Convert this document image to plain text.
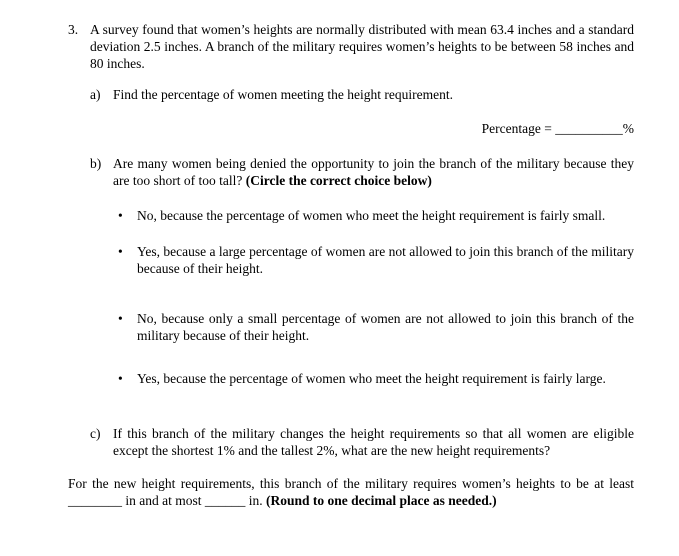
3. A survey found that women’s heights are normally distributed with mean 63.4 inches and a standard deviation 2.5 inches. A branch of the military requires women’s heights to be between 58 inches and 80 inches.

a) Find the percentage of women meeting the height requirement.

Percentage = __________%

b) Are many women being denied the opportunity to join the branch of the military because they are too short of too tall? (Circle the correct choice below)

•	No, because the percentage of women who meet the height requirement is fairly small.
•	Yes, because a large percentage of women are not allowed to join this branch of the military because of their height.
•	No, because only a small percentage of women are not allowed to join this branch of the military because of their height.
•	Yes, because the percentage of women who meet the height requirement is fairly large.
c) If this branch of the military changes the height requirements so that all women are eligible except the shortest 1% and the tallest 2%, what are the new height requirements?

For the new height requirements, this branch of the military requires women’s heights to be at least ________ in and at most ______ in. (Round to one decimal place as needed.)
